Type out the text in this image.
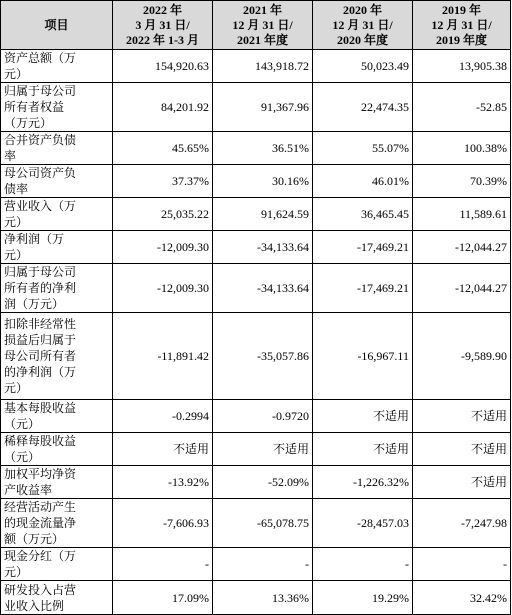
项目	2022 年
3 月 31 日/
2022 年 1-3 月	2021 年
12 月 31 日/
2021 年度	2020 年
12 月 31 日/
2020 年度	2019 年
12 月 31 日/
2019 年度

资产总额（万
元）	154,920.63	143,918.72	50,023.49	13,905.38

归属于母公司
所有者权益
（万元）	84,201.92	91,367.96	22,474.35	-52.85

合并资产负债
率	45.65%	36.51%	55.07%	100.38%

母公司资产负
债率	37.37%	30.16%	46.01%	70.39%

营业收入（万
元）	25,035.22	91,624.59	36,465.45	11,589.61

净利润（万
元）	-12,009.30	-34,133.64	-17,469.21	-12,044.27

归属于母公司
所有者的净利
润（万元）	-12,009.30	-34,133.64	-17,469.21	-12,044.27

扣除非经常性
损益后归属于
母公司所有者
的净利润（万
元）	-11,891.42	-35,057.86	-16,967.11	-9,589.90

基本每股收益
（元）	-0.2994	-0.9720	不适用	不适用

稀释每股收益
（元）	不适用	不适用	不适用	不适用

加权平均净资
产收益率	-13.92%	-52.09%	-1,226.32%	不适用

经营活动产生
的现金流量净
额（万元）	-7,606.93	-65,078.75	-28,457.03	-7,247.98

现金分红（万
元）	-	-	-	-

研发投入占营
业收入比例	17.09%	13.36%	19.29%	32.42%
